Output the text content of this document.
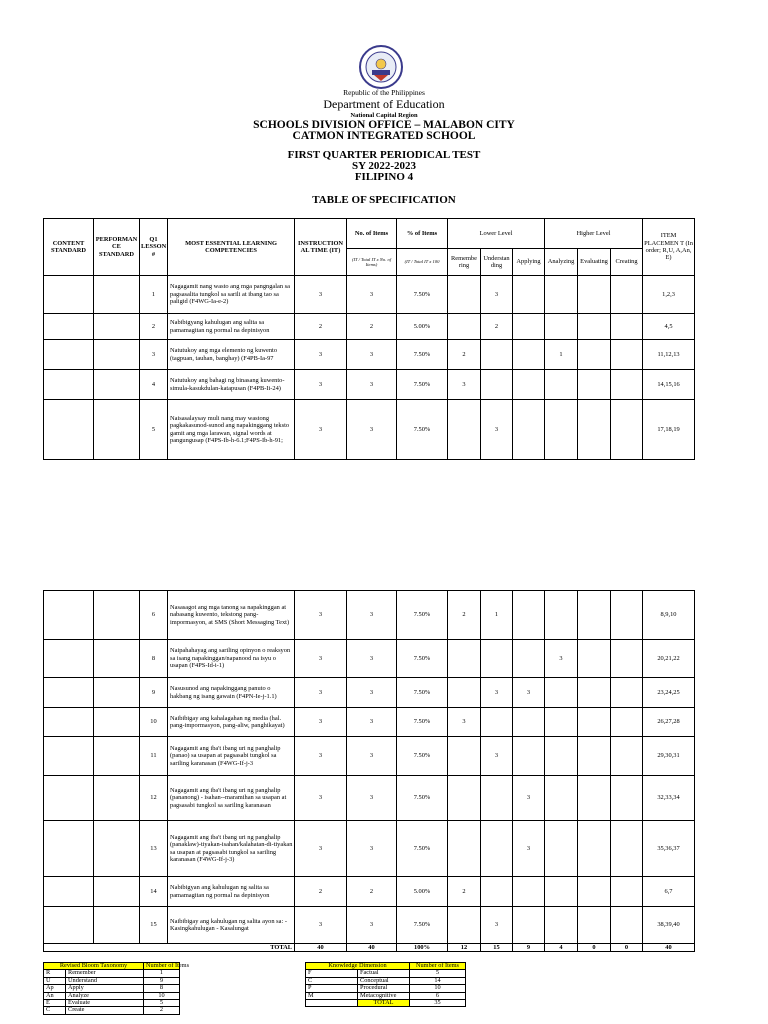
Republic of the Philippines
Department of Education
National Capital Region
SCHOOLS DIVISION OFFICE – MALABON CITY
CATMON INTEGRATED SCHOOL
FIRST QUARTER PERIODICAL TEST
SY 2022-2023
FILIPINO 4
TABLE OF SPECIFICATION
CONTENT STANDARD	PERFORMAN CE STANDARD	Q1 LESSON #	MOST ESSENTIAL LEARNING COMPETENCIES	INSTRUCTION AL TIME (IT)	No. of Items	% of Items	Lower Level			Higher Level			ITEM PLACEMEN T (In order; R,U, A,An, E)
					(IT / Total IT x No. of Items)	(IT / Total IT x 100	Remembe ring	Understan ding	Applying	Analyzing	Evaluating	Creating	
		1	Nagagamit nang wasto ang mga pangngalan sa pagsasalita tungkol sa sarili at ibang tao sa paligid (F4WG-Ia-e-2)	3	3	7.50%		3					1,2,3
		2	Nabibigyang kahulugan ang salita sa pamamagitan ng pormal na depinisyon	2	2	5.00%		2					4,5
		3	Natutukoy ang mga elemento ng kuwento (tagpuan, tauhan, banghay) (F4PB-Ia-97	3	3	7.50%	2			1			11,12,13
		4	Natutukoy ang bahagi ng binasang kuwento- simula-kasukdulan-katapusan (F4PB-Ii-24)	3	3	7.50%	3						14,15,16
		5	Naisasalaysay muli nang may wastong pagkakasunod-sunod ang napakinggang teksto gamit ang mga larawan, signal words at pangungusap (F4PS-Ib-h-6.1;F4PS-Ib-h-91;	3	3	7.50%		3					17,18,19
		6	Nasasagot ang mga tanong sa napakinggan at nabasang kuwento, tekstong pang-impormasyon, at SMS (Short Messaging Text)	3	3	7.50%	2	1					8,9,10
		8	Naipahahayag ang sariling opinyon o reaksyon sa isang napakinggan/napanood na isyu o usapan (F4PS-Id-i-1)	3	3	7.50%				3			20,21,22
		9	Nasusunod ang napakinggang panuto o hakbang ng isang gawain (F4PN-Ie-j-1.1)	3	3	7.50%		3	3				23,24,25
		10	Naibibigay ang kahalagahan ng media (hal. pang-impormasyon, pang-aliw, panghikayat)	3	3	7.50%	3						26,27,28
		11	Nagagamit ang iba't ibang uri ng panghalip (panao) sa usapan at pagsasabi tungkol sa sariling karanasan (F4WG-If-j-3	3	3	7.50%		3					29,30,31
		12	Nagagamit ang iba't ibang uri ng panghalip (pananong) - isahan--maramihan sa usapan at pagsasabi tungkol sa sariling karanasan	3	3	7.50%			3				32,33,34
		13	Nagagamit ang iba't ibang uri ng panghalip (panaklaw)-tiyakan-isahan/kalahatan-di-tiyakan sa usapan at pagsasabi tungkol sa sariling karanasan (F4WG-If-j-3)	3	3	7.50%			3				35,36,37
		14	Nabibigyan ang kahulugan ng salita sa pamamagitan ng pormal na depinisyon	2	2	5.00%	2						6,7
		15	Naibibigay ang kahulugan ng salita ayon sa: - Kasingkahulugan - Kasalungat	3	3	7.50%		3					38,39,40
TOTAL				40	40	100%	12	15	9	4	0	0	40
Revised Bloom Taxonomy		Number of Items
R	Remember	1
U	Understand	9
Ap	Apply	8
An	Analyze	10
E	Evaluate	5
C	Create	2
Knowledge Dimension		Number of Items
F	Factual	5
C	Conceptual	14
P	Procedural	10
M	Metacognitive	6
	TOTAL	35
